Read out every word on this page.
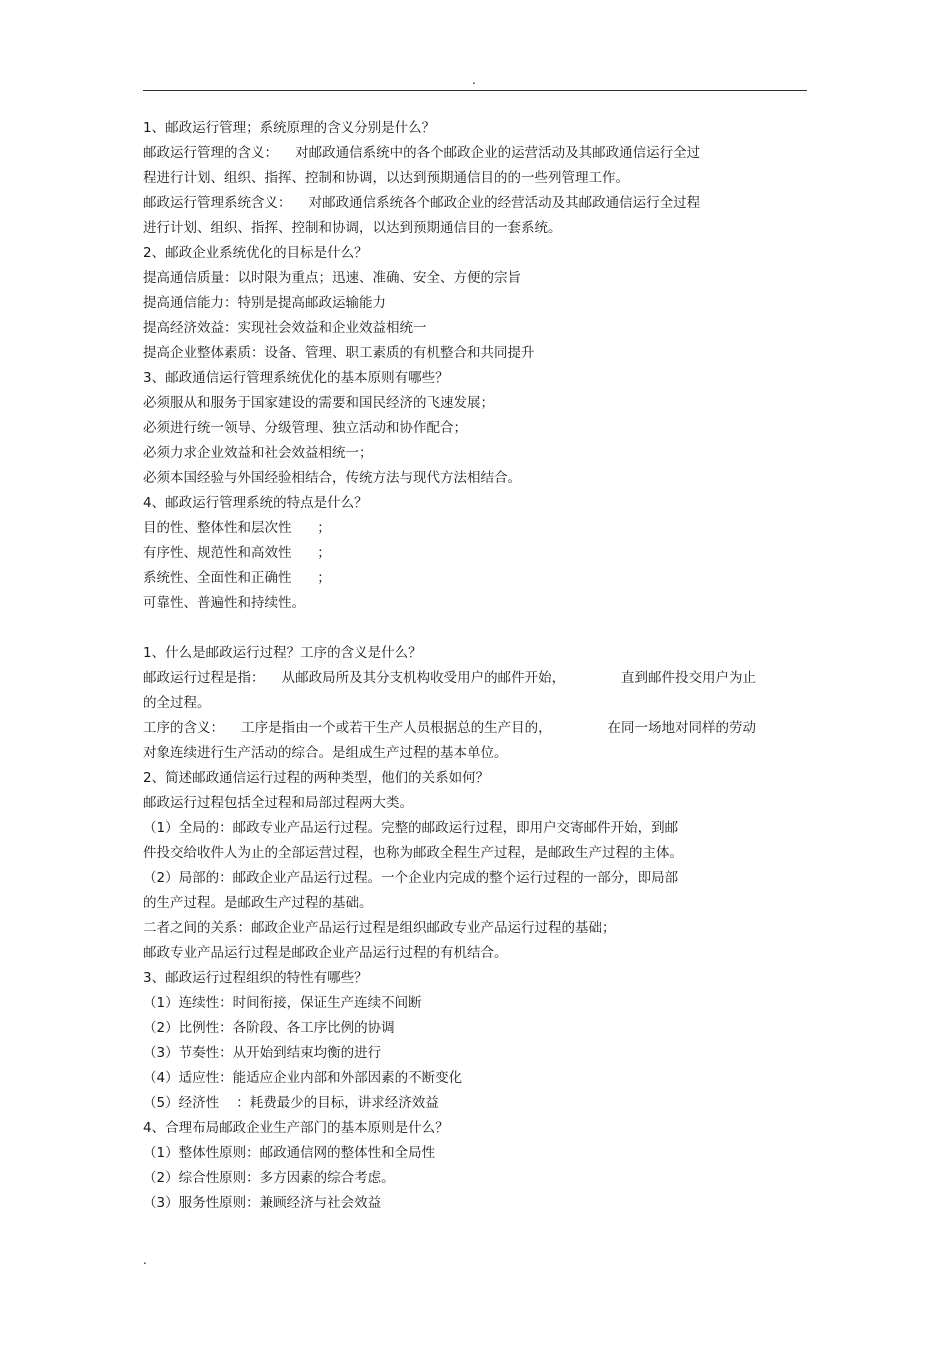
.
1、邮政运行管理；系统原理的含义分别是什么？
邮政运行管理的含义：    对邮政通信系统中的各个邮政企业的运营活动及其邮政通信运行全过
程进行计划、组织、指挥、控制和协调，以达到预期通信目的的一些列管理工作。
邮政运行管理系统含义：    对邮政通信系统各个邮政企业的经营活动及其邮政通信运行全过程
进行计划、组织、指挥、控制和协调，以达到预期通信目的一套系统。
2、邮政企业系统优化的目标是什么？
提高通信质量：以时限为重点；迅速、准确、安全、方便的宗旨
提高通信能力：特别是提高邮政运输能力
提高经济效益：实现社会效益和企业效益相统一
提高企业整体素质：设备、管理、职工素质的有机整合和共同提升
3、邮政通信运行管理系统优化的基本原则有哪些？
必须服从和服务于国家建设的需要和国民经济的飞速发展；
必须进行统一领导、分级管理、独立活动和协作配合；
必须力求企业效益和社会效益相统一；
必须本国经验与外国经验相结合，传统方法与现代方法相结合。
4、邮政运行管理系统的特点是什么？
目的性、整体性和层次性      ；
有序性、规范性和高效性      ；
系统性、全面性和正确性      ；
可靠性、普遍性和持续性。
1、什么是邮政运行过程？工序的含义是什么？
邮政运行过程是指：    从邮政局所及其分支机构收受用户的邮件开始，             直到邮件投交用户为止
的全过程。
工序的含义：    工序是指由一个或若干生产人员根据总的生产目的，             在同一场地对同样的劳动
对象连续进行生产活动的综合。是组成生产过程的基本单位。
2、简述邮政通信运行过程的两种类型，他们的关系如何？
邮政运行过程包括全过程和局部过程两大类。
（1）全局的：邮政专业产品运行过程。完整的邮政运行过程，即用户交寄邮件开始，到邮
件投交给收件人为止的全部运营过程，也称为邮政全程生产过程，是邮政生产过程的主体。
（2）局部的：邮政企业产品运行过程。一个企业内完成的整个运行过程的一部分，即局部
的生产过程。是邮政生产过程的基础。
二者之间的关系：邮政企业产品运行过程是组织邮政专业产品运行过程的基础；
邮政专业产品运行过程是邮政企业产品运行过程的有机结合。
3、邮政运行过程组织的特性有哪些？
（1）连续性：时间衔接，保证生产连续不间断
（2）比例性：各阶段、各工序比例的协调
（3）节奏性：从开始到结束均衡的进行
（4）适应性：能适应企业内部和外部因素的不断变化
（5）经济性    ：耗费最少的目标，讲求经济效益
4、合理布局邮政企业生产部门的基本原则是什么？
（1）整体性原则：邮政通信网的整体性和全局性
（2）综合性原则：多方因素的综合考虑。
（3）服务性原则：兼顾经济与社会效益
.
